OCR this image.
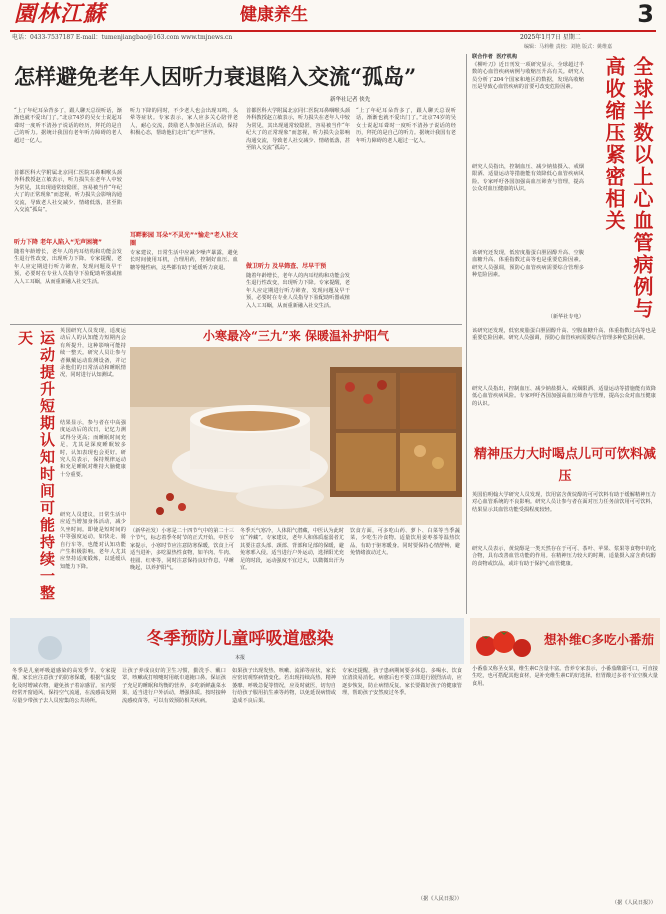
園林江蘇	健康养生	3
电话：0433-7537187 E-mail：tumenjiangbao@163.com www.tmjnews.cn	2025年1月7日 星期二
编辑：马莉稚 责校：刘艳 版式：姚维嘉
怎样避免老年人因听力衰退陷入交流“孤岛”
新华社记者 侠先
“上了年纪耳朵背多了，跟人聊天总误听话，渐渐也就不爱出门了。”北京74岁的吴女士说起耳聋时一度听不清孙子说话的经历，拜托的是自己的听力。据统计我国有老年听力障碍的老人超过一亿人。
首都医科大学附属北京同仁医院耳鼻咽喉头颈外科教授赵立敏表示，听力损失在老年人中较为常见，其出现通常较隐匿，容易被当作“年纪大了的正常现象”而忽视，听力损失会影响沟通交流，导致老人社交减少、情绪低落，甚至陷入交流“孤岛”。
听力下降 老年人陷入“无声困境”
随着年龄增长，老年人的内耳结构和功能会发生退行性改变，出现听力下降。专家提醒，老年人应定期进行听力筛查，发现问题及早干预，必要时在专业人员指导下验配助听器或植入人工耳蜗，从而重新融入社交生活。
听力下降的同时，不少老人也会出现耳鸣、头晕等症状。专家表示，家人应多关心陪伴老人，耐心交流，鼓励老人参加社区活动，保持积极心态，帮助他们走出“无声”世界。
耳畔影园 耳朵“不灵光”“愉走”老人社交圈
专家建议，日常生活中应减少噪声暴露，避免长时间使用耳机，合理用药，控制好血压、血糖等慢性病，这些都有助于延缓听力衰退。
首都医科大学附属北京同仁医院耳鼻咽喉头颈外科教授赵立敏表示，听力损失在老年人中较为常见，其出现通常较隐匿，容易被当作“年纪大了的正常现象”而忽视，听力损失会影响沟通交流，导致老人社交减少、情绪低落，甚至陷入交流“孤岛”。
做卫听力 及早筛查、尽早干预
随着年龄增长，老年人的内耳结构和功能会发生退行性改变，出现听力下降。专家提醒，老年人应定期进行听力筛查，发现问题及早干预，必要时在专业人员指导下验配助听器或植入人工耳蜗，从而重新融入社交生活。
“上了年纪耳朵背多了，跟人聊天总误听话，渐渐也就不爱出门了。”北京74岁的吴女士说起耳聋时一度听不清孙子说话的经历，拜托的是自己的听力。据统计我国有老年听力障碍的老人超过一亿人。
联合作者  医疗机构
《柳叶刀》近日刊发一项研究显示，全球超过半数的心血管疾病病例与收缩压升高有关。研究人员分析了204个国家和地区的数据，发现高收缩压是导致心血管疾病的首要可改变危险因素。	全球半数以上心血管病例与高收缩压紧密相关
研究人员指出，控制血压、减少钠盐摄入、戒烟限酒、适量运动等措施能有效降低心血管疾病风险。专家呼吁各国加强高血压筛查与管理，提高公众对血压健康的认识。
该研究还发现，低密度脂蛋白胆固醇升高、空腹血糖升高、体重指数过高等也是重要危险因素。研究人员强调，预防心血管疾病需要综合管理多种危险因素。
（新华社专电）
该研究还发现，低密度脂蛋白胆固醇升高、空腹血糖升高、体重指数过高等也是重要危险因素。研究人员强调，预防心血管疾病需要综合管理多种危险因素。
研究人员指出，控制血压、减少钠盐摄入、戒烟限酒、适量运动等措施能有效降低心血管疾病风险。专家呼吁各国加强高血压筛查与管理，提高公众对血压健康的认识。
精神压力大时喝点儿可可饮料减压
英国伯明翰大学研究人员发现，饮用富含黄烷醇的可可饮料有助于缓解精神压力对心血管系统的不良影响。研究人员让参与者在面对压力任务前饮用可可饮料，结果显示其血管功能受损程度较轻。
研究人员表示，黄烷醇是一类天然存在于可可、茶叶、苹果、浆果等食物中的化合物，具有改善血管功能的作用。在精神压力较大的时期，适量摄入富含黄烷醇的食物或饮品，或许有助于保护心血管健康。
想补维C多吃小番茄
小番茄又称圣女果，维生素C含量丰富。营养专家表示，小番茄酸甜可口，可直接生吃，也可搭配其他食材，是补充维生素C的好选择。但胃酸过多者不宜空腹大量食用。
（据《人民日报》）
运动提升短期认知时间可能持续一整天	英国研究人员发现，适度运动后人的认知能力短期内会有所提升，这种影响可能持续一整天。研究人员让参与者佩戴运动监测设备，并记录他们的日常活动和睡眠情况，同时进行认知测试。
结果显示，参与者在中高强度运动后的次日，记忆力测试得分更高；而睡眠时间充足，尤其是深度睡眠较多时，认知表现也会更好。研究人员表示，保持规律运动和充足睡眠对维持大脑健康十分重要。
研究人员建议，日常生活中应适当增加身体活动，减少久坐时间。即使是短时间的中等强度运动，如快走、骑自行车等，也能对认知功能产生积极影响。老年人尤其应坚持适度锻炼，以延缓认知能力下降。
小寒最冷“三九”来 保暖温补护阳气
（新华社发）小寒是二十四节气中的第二十三个节气，标志着季冬时节的正式开始。中医专家提示，小寒时节应注意防寒保暖，饮食上可适当进补，多吃温热性食物，如羊肉、牛肉、桂圆、红枣等，同时注意保持良好作息，早睡晚起，以养护阳气。
冬季天气寒冷，人体阳气潜藏，中医认为此时宜“养藏”。专家建议，老年人和体质虚弱者尤其要注意头部、颈部、背部和足部的保暖，避免寒邪入侵。适当进行户外运动，选择阳光充足的时段，运动强度不宜过大，以微微出汗为宜。
饮食方面，可多吃山药、萝卜、白菜等当季蔬菜，少吃生冷食物。适量饮用姜枣茶等温热饮品，有助于驱寒暖身。同时要保持心情舒畅，避免情绪波动过大。
冬季预防儿童呼吸道感染
本报
冬季是儿童呼吸道感染的高发季节。专家提醒，家长应注意孩子的防寒保暖，根据气温变化及时增减衣物，避免孩子着凉感冒。室内要经常开窗通风，保持空气流通，在流感高发期尽量少带孩子去人员密集的公共场所。
让孩子养成良好的卫生习惯，勤洗手、戴口罩，咳嗽或打喷嚏时用纸巾遮掩口鼻。保证孩子充足的睡眠和均衡的营养，多吃新鲜蔬菜水果，适当进行户外活动，增强体质。按时接种流感疫苗等，可以有效预防相关疾病。
如果孩子出现发热、咳嗽、流涕等症状，家长应密切观察病情变化。若出现持续高热、精神萎靡、呼吸急促等情况，应及时就医，切勿自行给孩子服用抗生素等药物，以免延误病情或造成不良后果。
专家还提醒，孩子患病期间要多休息、多喝水，饮食宜清淡易消化。病愈后也不要立即进行剧烈活动，应逐步恢复，防止病情反复。家长要做好孩子的健康管理，帮助孩子安然度过冬季。
（据《人民日报》）
